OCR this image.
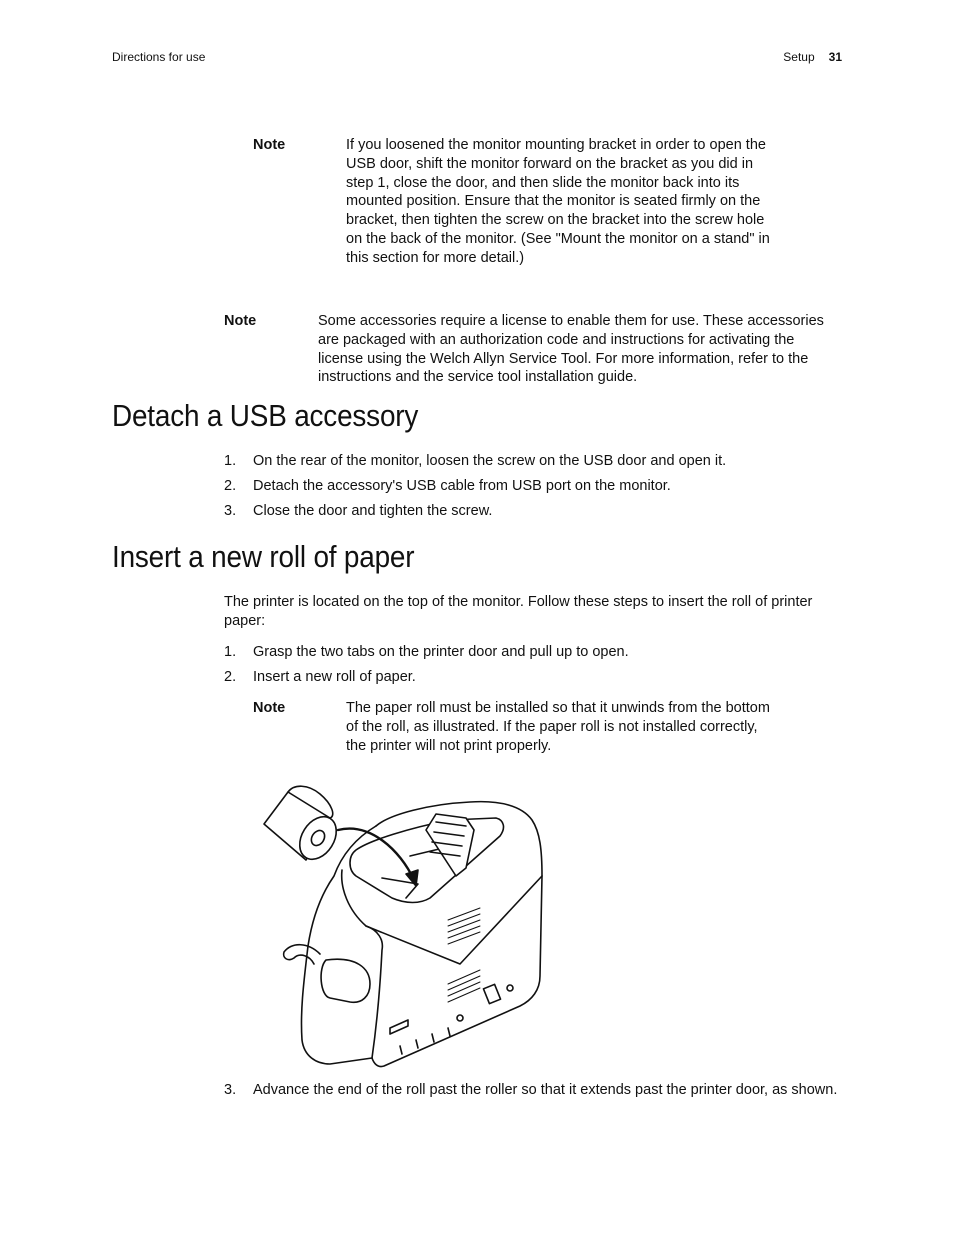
Directions for use	Setup 31
Note	If you loosened the monitor mounting bracket in order to open the USB door, shift the monitor forward on the bracket as you did in step 1, close the door, and then slide the monitor back into its mounted position. Ensure that the monitor is seated firmly on the bracket, then tighten the screw on the bracket into the screw hole on the back of the monitor. (See "Mount the monitor on a stand" in this section for more detail.)
Note	Some accessories require a license to enable them for use. These accessories are packaged with an authorization code and instructions for activating the license using the Welch Allyn Service Tool. For more information, refer to the instructions and the service tool installation guide.
Detach a USB accessory
1. On the rear of the monitor, loosen the screw on the USB door and open it.
2. Detach the accessory's USB cable from USB port on the monitor.
3. Close the door and tighten the screw.
Insert a new roll of paper
The printer is located on the top of the monitor. Follow these steps to insert the roll of printer paper:
1. Grasp the two tabs on the printer door and pull up to open.
2. Insert a new roll of paper.
Note	The paper roll must be installed so that it unwinds from the bottom of the roll, as illustrated. If the paper roll is not installed correctly, the printer will not print properly.
3. Advance the end of the roll past the roller so that it extends past the printer door, as shown.
